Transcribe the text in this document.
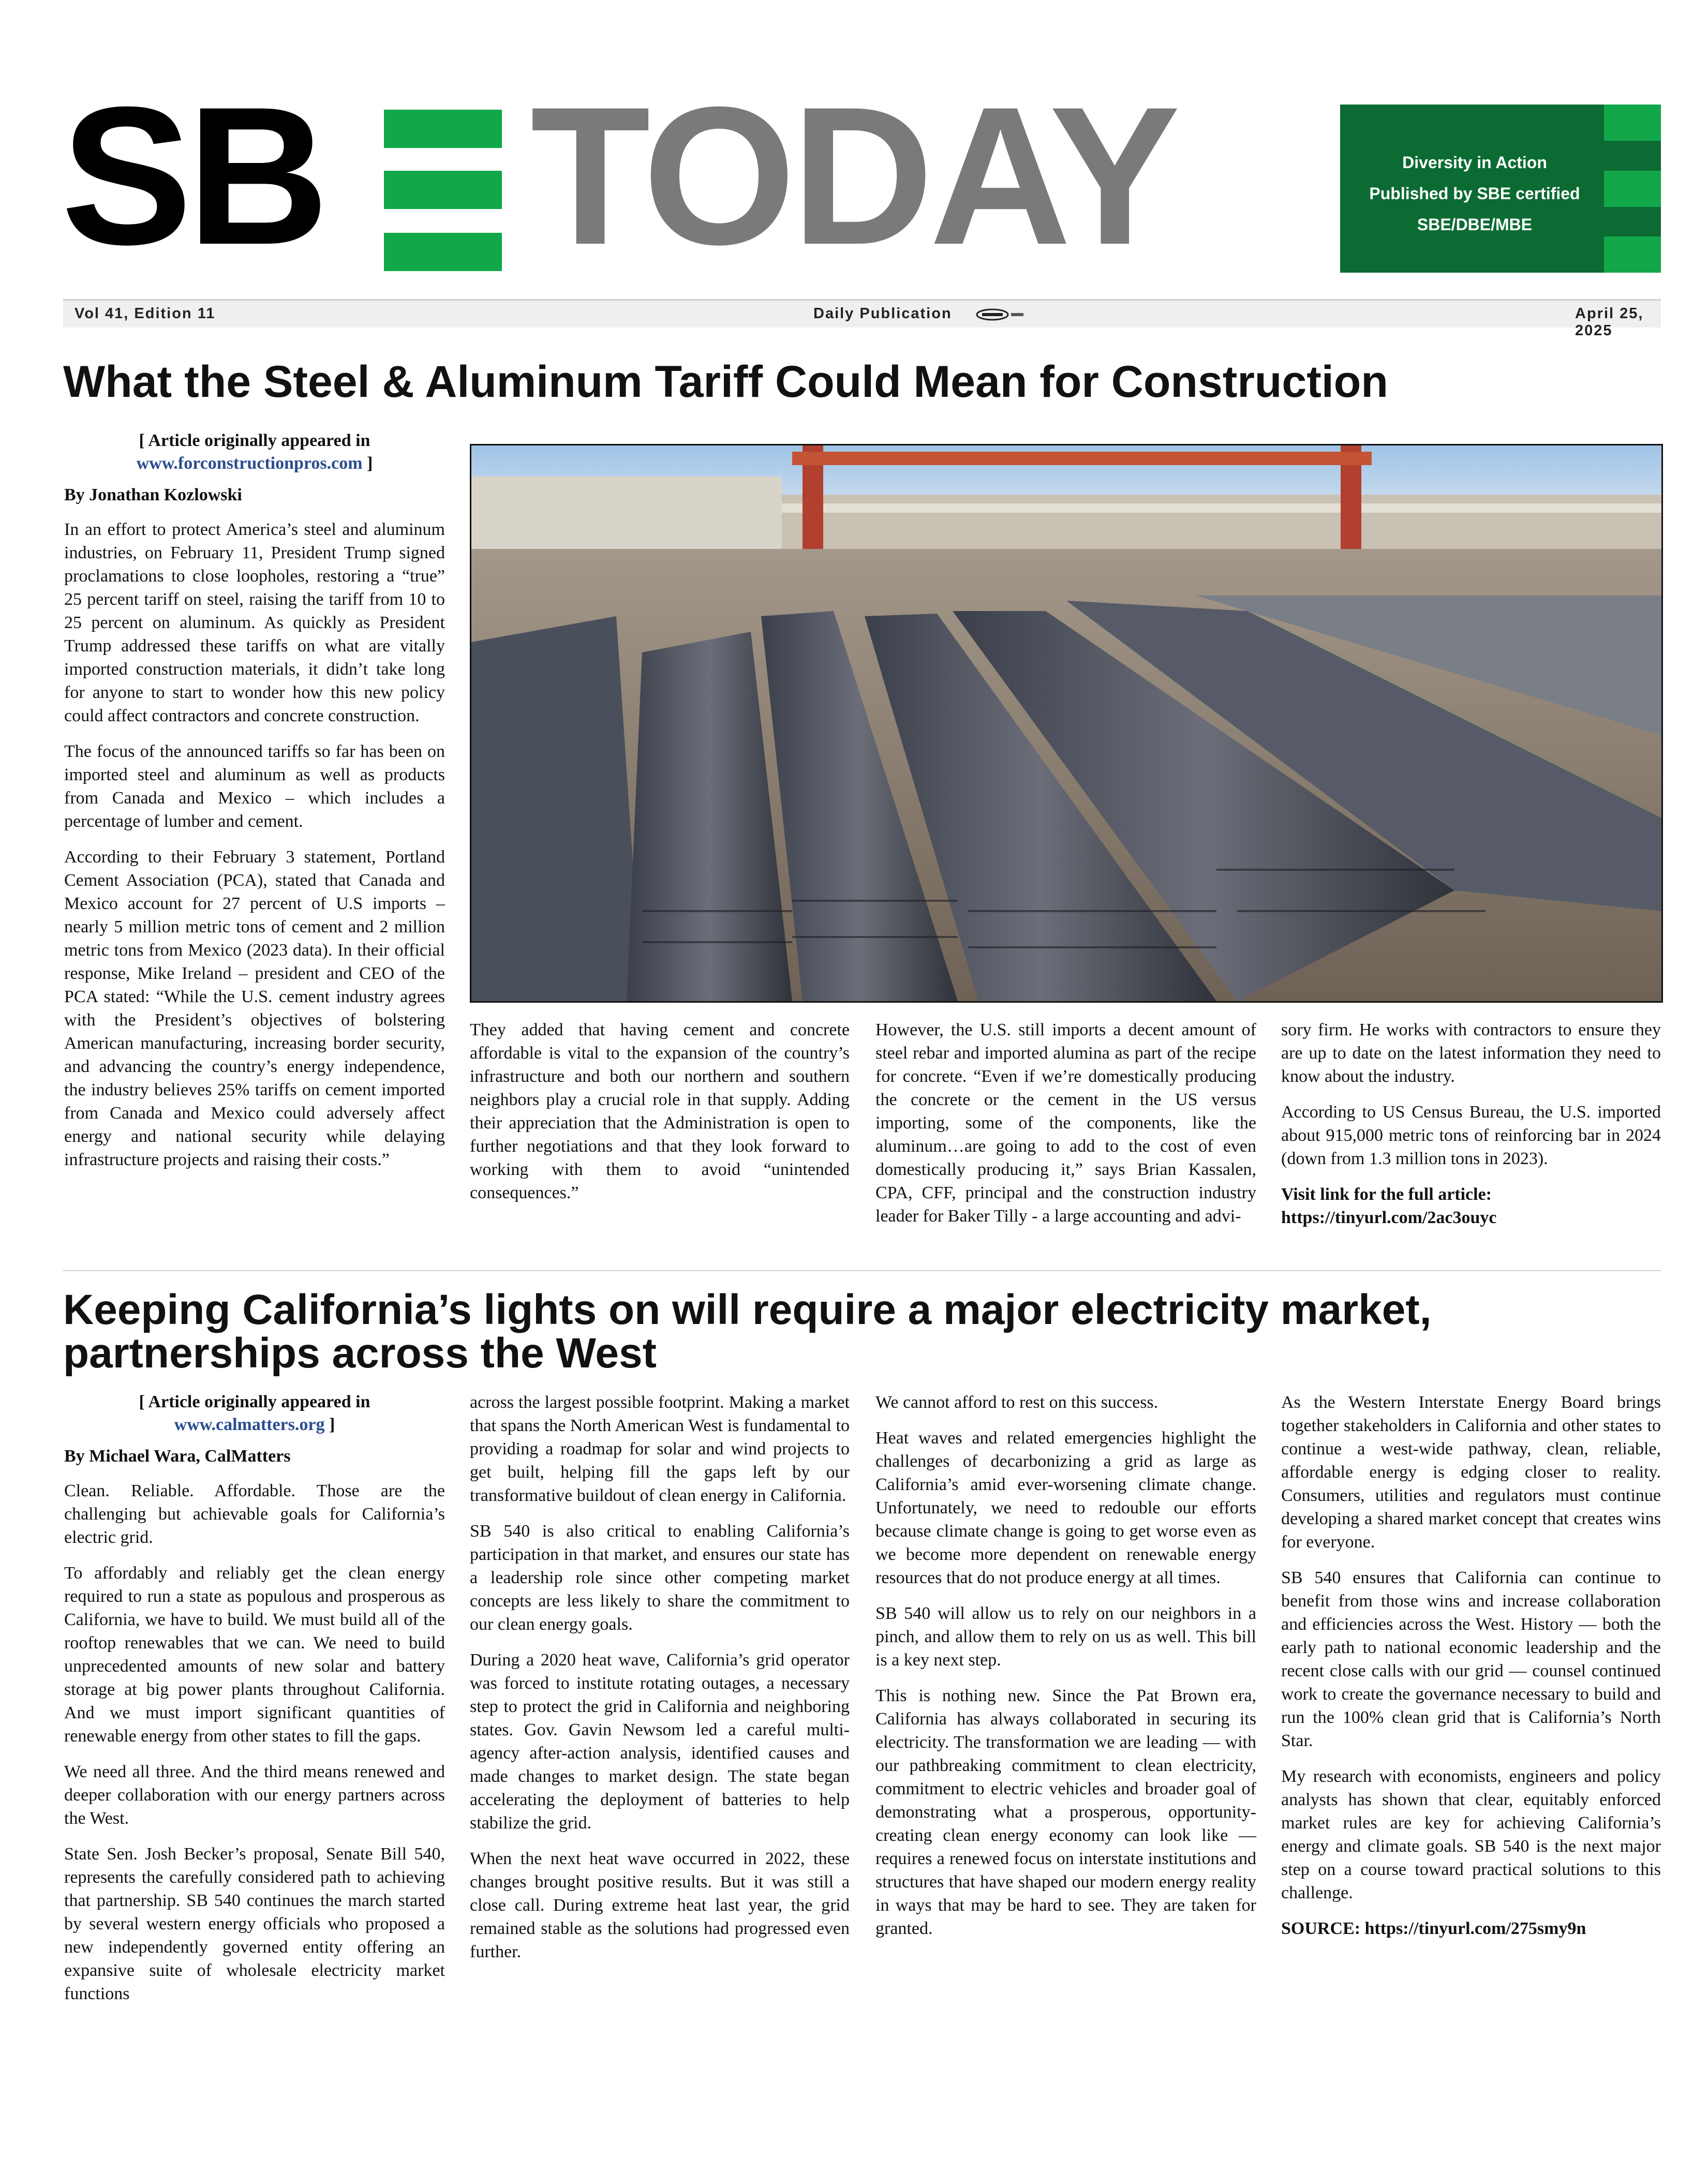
SB TODAY	Diversity in Action
Published by SBE certified
SBE/DBE/MBE
Vol 41, Edition 11	Daily Publication	April 25, 2025
What the Steel & Aluminum Tariff Could Mean for Construction
[ Article originally appeared in
www.forconstructionpros.com ]
By Jonathan Kozlowski

In an effort to protect America’s steel and aluminum industries, on February 11, President Trump signed proclamations to close loopholes, restoring a “true” 25 percent tariff on steel, raising the tariff from 10 to 25 percent on aluminum. As quickly as President Trump addressed these tariffs on what are vitally imported construction materials, it didn’t take long for anyone to start to wonder how this new policy could affect contractors and concrete construction.

The focus of the announced tariffs so far has been on imported steel and aluminum as well as products from Canada and Mexico – which includes a percentage of lumber and cement.

According to their February 3 statement, Portland Cement Association (PCA), stated that Canada and Mexico account for 27 percent of U.S imports – nearly 5 million metric tons of cement and 2 million metric tons from Mexico (2023 data). In their official response, Mike Ireland – president and CEO of the PCA stated: “While the U.S. cement industry agrees with the President’s objectives of bolstering American manufacturing, increasing border security, and advancing the country’s energy independence, the industry believes 25% tariffs on cement imported from Canada and Mexico could adversely affect energy and national security while delaying infrastructure projects and raising their costs.”

They added that having cement and concrete affordable is vital to the expansion of the country’s infrastructure and both our northern and southern neighbors play a crucial role in that supply. Adding their appreciation that the Administration is open to further negotiations and that they look forward to working with them to avoid “unintended consequences.”

However, the U.S. still imports a decent amount of steel rebar and imported alumina as part of the recipe for concrete. “Even if we’re domestically producing the concrete or the cement in the US versus importing, some of the components, like the aluminum…are going to add to the cost of even domestically producing it,” says Brian Kassalen, CPA, CFF, principal and the construction industry leader for Baker Tilly - a large accounting and advi-

sory firm. He works with contractors to ensure they are up to date on the latest information they need to know about the industry.

According to US Census Bureau, the U.S. imported about 915,000 metric tons of reinforcing bar in 2024 (down from 1.3 million tons in 2023).

Visit link for the full article:
https://tinyurl.com/2ac3ouyc
Keeping California’s lights on will require a major electricity market,
partnerships across the West
[ Article originally appeared in
www.calmatters.org ]
By Michael Wara, CalMatters

Clean. Reliable. Affordable. Those are the challenging but achievable goals for California’s electric grid.

To affordably and reliably get the clean energy required to run a state as populous and prosperous as California, we have to build. We must build all of the rooftop renewables that we can. We need to build unprecedented amounts of new solar and battery storage at big power plants throughout California. And we must import significant quantities of renewable energy from other states to fill the gaps.

We need all three. And the third means renewed and deeper collaboration with our energy partners across the West.

State Sen. Josh Becker’s proposal, Senate Bill 540, represents the carefully considered path to achieving that partnership. SB 540 continues the march started by several western energy officials who proposed a new independently governed entity offering an expansive suite of wholesale electricity market functions

across the largest possible footprint. Making a market that spans the North American West is fundamental to providing a roadmap for solar and wind projects to get built, helping fill the gaps left by our transformative buildout of clean energy in California.

SB 540 is also critical to enabling California’s participation in that market, and ensures our state has a leadership role since other competing market concepts are less likely to share the commitment to our clean energy goals.

During a 2020 heat wave, California’s grid operator was forced to institute rotating outages, a necessary step to protect the grid in California and neighboring states. Gov. Gavin Newsom led a careful multi-agency after-action analysis, identified causes and made changes to market design. The state began accelerating the deployment of batteries to help stabilize the grid.

When the next heat wave occurred in 2022, these changes brought positive results. But it was still a close call. During extreme heat last year, the grid remained stable as the solutions had progressed even further.

We cannot afford to rest on this success.

Heat waves and related emergencies highlight the challenges of decarbonizing a grid as large as California’s amid ever-worsening climate change. Unfortunately, we need to redouble our efforts because climate change is going to get worse even as we become more dependent on renewable energy resources that do not produce energy at all times.

SB 540 will allow us to rely on our neighbors in a pinch, and allow them to rely on us as well. This bill is a key next step.

This is nothing new. Since the Pat Brown era, California has always collaborated in securing its electricity. The transformation we are leading — with our pathbreaking commitment to clean electricity, commitment to electric vehicles and broader goal of demonstrating what a prosperous, opportunity-creating clean energy economy can look like — requires a renewed focus on interstate institutions and structures that have shaped our modern energy reality in ways that may be hard to see. They are taken for granted.

As the Western Interstate Energy Board brings together stakeholders in California and other states to continue a west-wide pathway, clean, reliable, affordable energy is edging closer to reality. Consumers, utilities and regulators must continue developing a shared market concept that creates wins for everyone.

SB 540 ensures that California can continue to benefit from those wins and increase collaboration and efficiencies across the West. History — both the early path to national economic leadership and the recent close calls with our grid — counsel continued work to create the governance necessary to build and run the 100% clean grid that is California’s North Star.

My research with economists, engineers and policy analysts has shown that clear, equitably enforced market rules are key for achieving California’s energy and climate goals. SB 540 is the next major step on a course toward practical solutions to this challenge.

SOURCE: https://tinyurl.com/275smy9n
